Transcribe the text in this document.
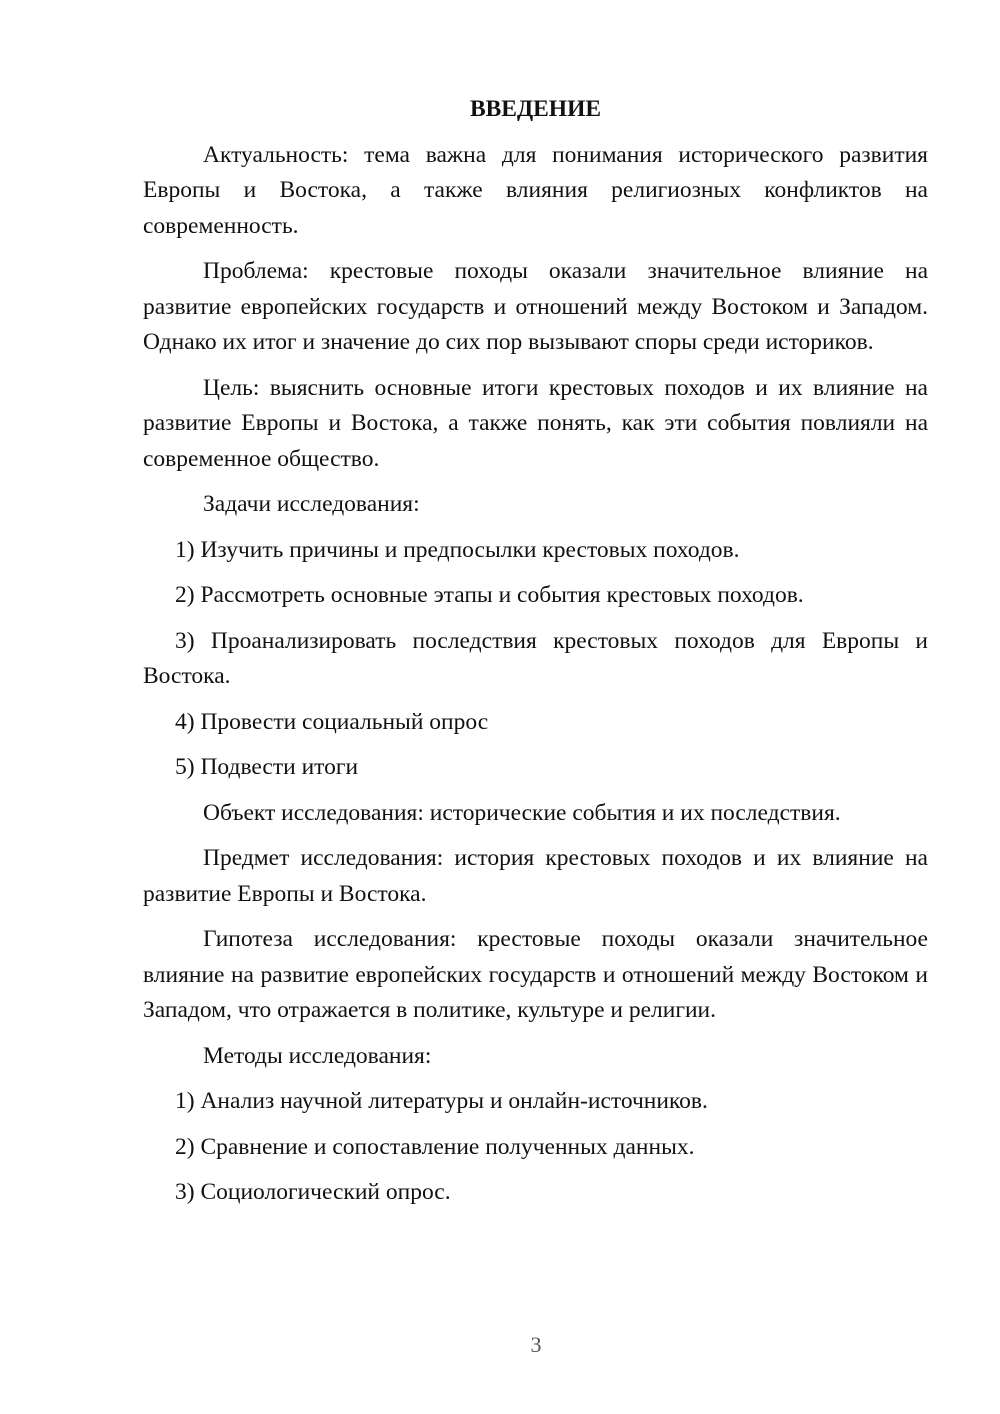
ВВЕДЕНИЕ

Актуальность: тема важна для понимания исторического развития Европы и Востока, а также влияния религиозных конфликтов на современность.

Проблема: крестовые походы оказали значительное влияние на развитие европейских государств и отношений между Востоком и Западом. Однако их итог и значение до сих пор вызывают споры среди историков.

Цель: выяснить основные итоги крестовых походов и их влияние на развитие Европы и Востока, а также понять, как эти события повлияли на современное общество.

Задачи исследования:

1) Изучить причины и предпосылки крестовых походов.

2) Рассмотреть основные этапы и события крестовых походов.

3) Проанализировать последствия крестовых походов для Европы и Востока.

4) Провести социальный опрос

5) Подвести итоги

Объект исследования: исторические события и их последствия.

Предмет исследования: история крестовых походов и их влияние на развитие Европы и Востока.

Гипотеза исследования: крестовые походы оказали значительное влияние на развитие европейских государств и отношений между Востоком и Западом, что отражается в политике, культуре и религии.

Методы исследования:

1) Анализ научной литературы и онлайн-источников.

2) Сравнение и сопоставление полученных данных.

3) Социологический опрос.

3
